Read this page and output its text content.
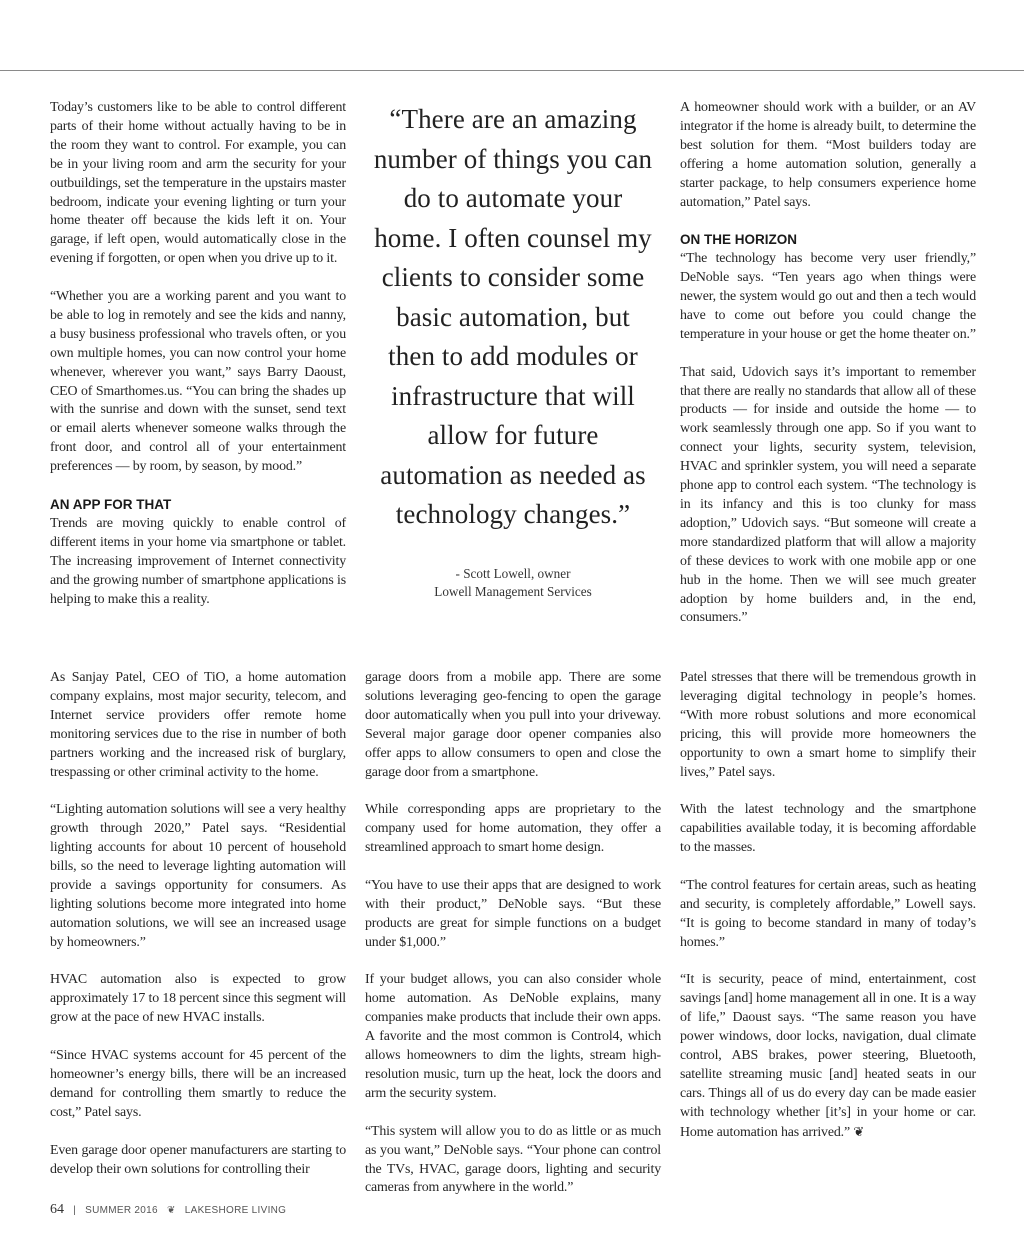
Today’s customers like to be able to control different parts of their home without actually having to be in the room they want to control. For example, you can be in your living room and arm the security for your outbuildings, set the temperature in the upstairs master bedroom, indicate your evening lighting or turn your home theater off because the kids left it on. Your garage, if left open, would automatically close in the evening if forgotten, or open when you drive up to it.

“Whether you are a working parent and you want to be able to log in remotely and see the kids and nanny, a busy business professional who travels often, or you own multiple homes, you can now control your home whenever, wherever you want,” says Barry Daoust, CEO of Smarthomes.us. “You can bring the shades up with the sunrise and down with the sunset, send text or email alerts whenever someone walks through the front door, and control all of your entertainment preferences — by room, by season, by mood.”

AN APP FOR THAT

Trends are moving quickly to enable control of different items in your home via smartphone or tablet. The increasing improvement of Internet connectivity and the growing number of smartphone applications is helping to make this a reality.

As Sanjay Patel, CEO of TiO, a home automation company explains, most major security, telecom, and Internet service providers offer remote home monitoring services due to the rise in number of both partners working and the increased risk of burglary, trespassing or other criminal activity to the home.

“Lighting automation solutions will see a very healthy growth through 2020,” Patel says. “Residential lighting accounts for about 10 percent of household bills, so the need to leverage lighting automation will provide a savings opportunity for consumers. As lighting solutions become more integrated into home automation solutions, we will see an increased usage by homeowners.”

HVAC automation also is expected to grow approximately 17 to 18 percent since this segment will grow at the pace of new HVAC installs.

“Since HVAC systems account for 45 percent of the homeowner’s energy bills, there will be an increased demand for controlling them smartly to reduce the cost,” Patel says.

Even garage door opener manufacturers are starting to develop their own solutions for controlling their

“There are an amazing number of things you can do to automate your home. I often counsel my clients to consider some basic automation, but then to add modules or infrastructure that will allow for future automation as needed as technology changes.”

- Scott Lowell, owner
Lowell Management Services

garage doors from a mobile app. There are some solutions leveraging geo-fencing to open the garage door automatically when you pull into your driveway. Several major garage door opener companies also offer apps to allow consumers to open and close the garage door from a smartphone.

While corresponding apps are proprietary to the company used for home automation, they offer a streamlined approach to smart home design.

“You have to use their apps that are designed to work with their product,” DeNoble says. “But these products are great for simple functions on a budget under $1,000.”

If your budget allows, you can also consider whole home automation. As DeNoble explains, many companies make products that include their own apps. A favorite and the most common is Control4, which allows homeowners to dim the lights, stream high-resolution music, turn up the heat, lock the doors and arm the security system.

“This system will allow you to do as little or as much as you want,” DeNoble says. “Your phone can control the TVs, HVAC, garage doors, lighting and security cameras from anywhere in the world.”

A homeowner should work with a builder, or an AV integrator if the home is already built, to determine the best solution for them. “Most builders today are offering a home automation solution, generally a starter package, to help consumers experience home automation,” Patel says.

ON THE HORIZON

“The technology has become very user friendly,” DeNoble says. “Ten years ago when things were newer, the system would go out and then a tech would have to come out before you could change the temperature in your house or get the home theater on.”

That said, Udovich says it’s important to remember that there are really no standards that allow all of these products — for inside and outside the home — to work seamlessly through one app. So if you want to connect your lights, security system, television, HVAC and sprinkler system, you will need a separate phone app to control each system. “The technology is in its infancy and this is too clunky for mass adoption,” Udovich says. “But someone will create a more standardized platform that will allow a majority of these devices to work with one mobile app or one hub in the home. Then we will see much greater adoption by home builders and, in the end, consumers.”

Patel stresses that there will be tremendous growth in leveraging digital technology in people’s homes. “With more robust solutions and more economical pricing, this will provide more homeowners the opportunity to own a smart home to simplify their lives,” Patel says.

With the latest technology and the smartphone capabilities available today, it is becoming affordable to the masses.

“The control features for certain areas, such as heating and security, is completely affordable,” Lowell says. “It is going to become standard in many of today’s homes.”

“It is security, peace of mind, entertainment, cost savings [and] home management all in one. It is a way of life,” Daoust says. “The same reason you have power windows, door locks, navigation, dual climate control, ABS brakes, power steering, Bluetooth, satellite streaming music [and] heated seats in our cars. Things all of us do every day can be made easier with technology whether [it’s] in your home or car. Home automation has arrived.” ❦

64 | SUMMER 2016 ❦ LAKESHORE LIVING
